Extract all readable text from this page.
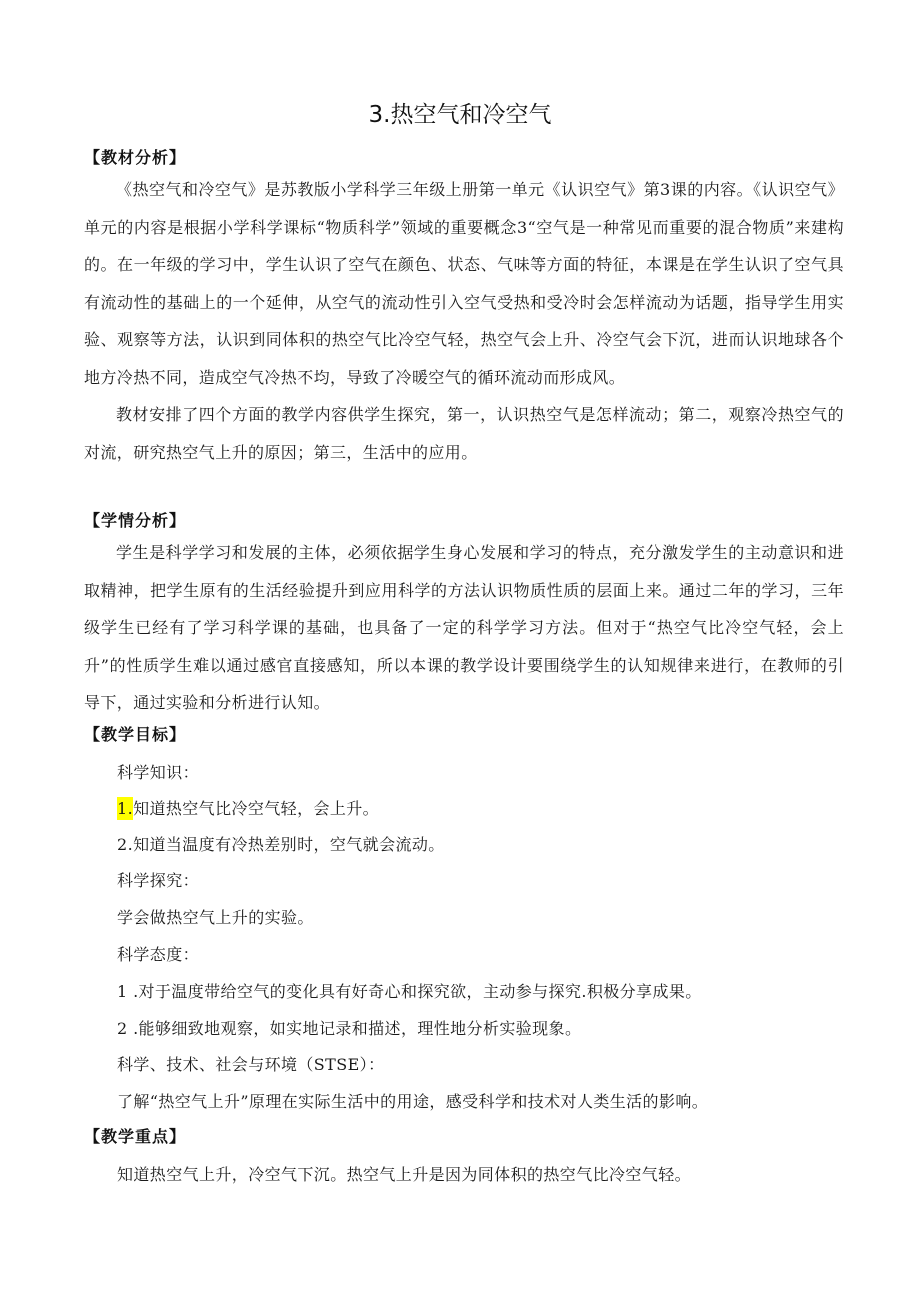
3.热空气和冷空气
【教材分析】

《热空气和冷空气》是苏教版小学科学三年级上册第一单元《认识空气》第3课的内容。《认识空气》单元的内容是根据小学科学课标“物质科学”领域的重要概念3“空气是一种常见而重要的混合物质”来建构的。在一年级的学习中，学生认识了空气在颜色、状态、气味等方面的特征，本课是在学生认识了空气具有流动性的基础上的一个延伸，从空气的流动性引入空气受热和受冷时会怎样流动为话题，指导学生用实验、观察等方法，认识到同体积的热空气比冷空气轻，热空气会上升、冷空气会下沉，进而认识地球各个地方冷热不同，造成空气冷热不均，导致了冷暖空气的循环流动而形成风。

教材安排了四个方面的教学内容供学生探究，第一，认识热空气是怎样流动；第二，观察冷热空气的对流，研究热空气上升的原因；第三，生活中的应用。

【学情分析】

学生是科学学习和发展的主体，必须依据学生身心发展和学习的特点，充分激发学生的主动意识和进取精神，把学生原有的生活经验提升到应用科学的方法认识物质性质的层面上来。通过二年的学习，三年级学生已经有了学习科学课的基础，也具备了一定的科学学习方法。但对于“热空气比冷空气轻，会上升”的性质学生难以通过感官直接感知，所以本课的教学设计要围绕学生的认知规律来进行，在教师的引导下，通过实验和分析进行认知。

【教学目标】
科学知识：
1.知道热空气比冷空气轻，会上升。
2.知道当温度有冷热差别时，空气就会流动。
科学探究：
学会做热空气上升的实验。
科学态度：
1 .对于温度带给空气的变化具有好奇心和探究欲，主动参与探究.积极分享成果。
2 .能够细致地观察，如实地记录和描述，理性地分析实验现象。
科学、技术、社会与环境（STSE）：
了解“热空气上升”原理在实际生活中的用途，感受科学和技术对人类生活的影响。
【教学重点】
知道热空气上升，冷空气下沉。热空气上升是因为同体积的热空气比冷空气轻。
